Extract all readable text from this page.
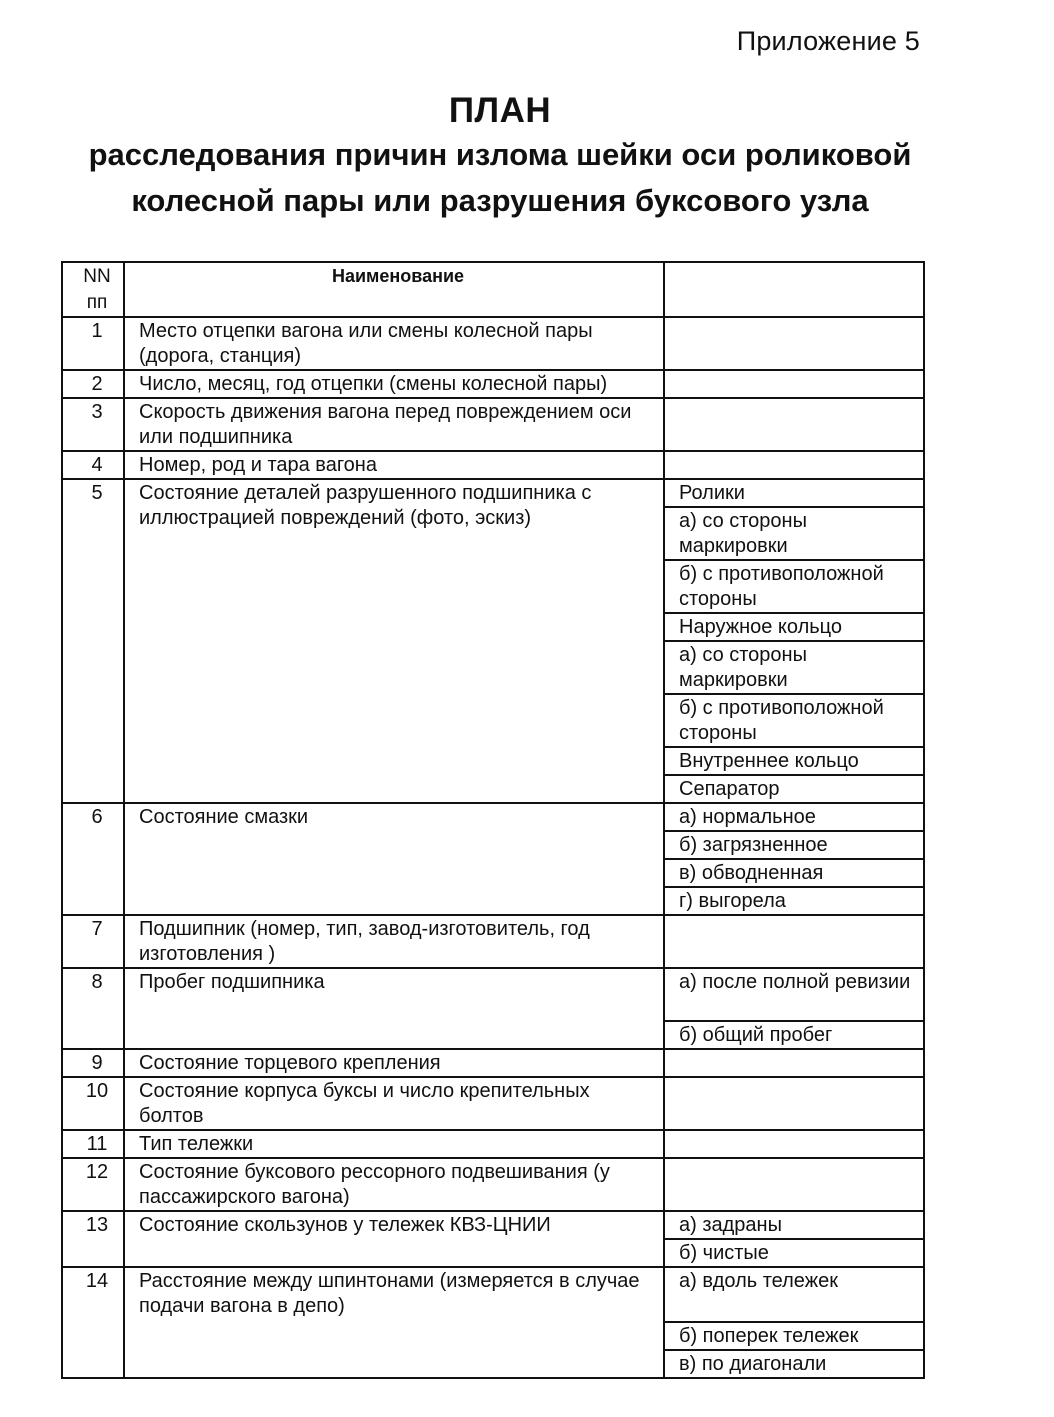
Приложение 5

ПЛАН

расследования причин излома шейки оси роликовой
колесной пары или разрушения буксового узла

NN пп	Наименование	
1	Место отцепки вагона или смены колесной пары (дорога, станция)	
2	Число, месяц, год отцепки (смены колесной пары)	
3	Скорость движения вагона перед повреждением оси или подшипника	
4	Номер, род и тара вагона	
5	Состояние деталей разрушенного подшипника с иллюстрацией повреждений (фото, эскиз)	Ролики
		а) со стороны маркировки
		б) с противоположной стороны
		Наружное кольцо
		а) со стороны маркировки
		б) с противоположной стороны
		Внутреннее кольцо
		Сепаратор
6	Состояние смазки	а) нормальное
		б) загрязненное
		в) обводненная
		г) выгорела
7	Подшипник (номер, тип, завод-изготовитель, год изготовления )	
8	Пробег подшипника	а) после полной ревизии
		б) общий пробег
9	Состояние торцевого крепления	
10	Состояние корпуса буксы и число крепительных болтов	
11	Тип тележки	
12	Состояние буксового рессорного подвешивания (у пассажирского вагона)	
13	Состояние скользунов у тележек КВЗ-ЦНИИ	а) задраны
		б) чистые
14	Расстояние между шпинтонами (измеряется в случае подачи вагона в депо)	а) вдоль тележек
		б) поперек тележек
		в) по диагонали
